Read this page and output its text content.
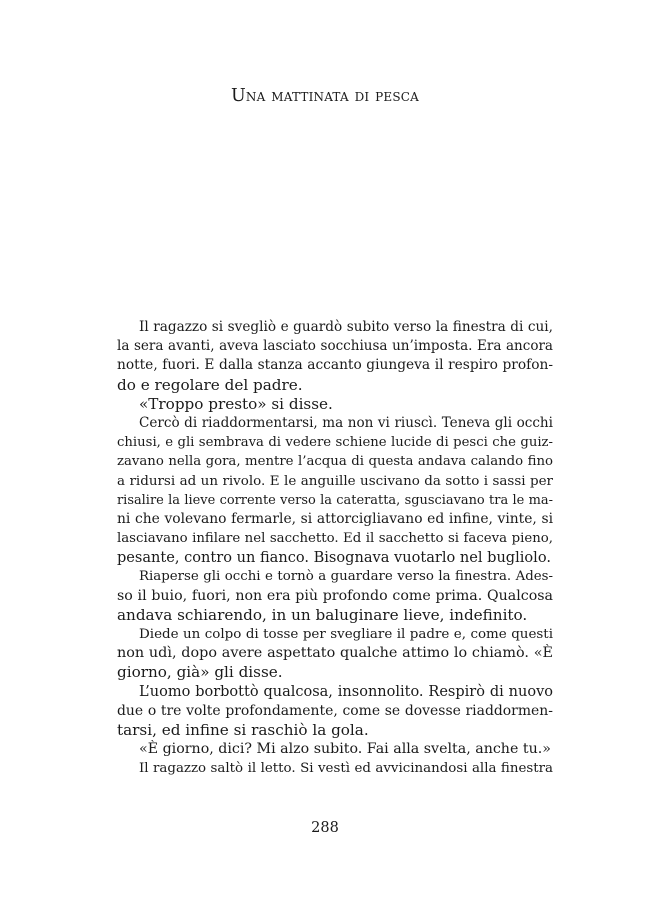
Una mattinata di pesca
Il ragazzo si svegliò e guardò subito verso la finestra di cui,
la sera avanti, aveva lasciato socchiusa un’imposta. Era ancora
notte, fuori. E dalla stanza accanto giungeva il respiro profon-
do e regolare del padre.
«Troppo presto» si disse.
Cercò di riaddormentarsi, ma non vi riuscì. Teneva gli occhi
chiusi, e gli sembrava di vedere schiene lucide di pesci che guiz-
zavano nella gora, mentre l’acqua di questa andava calando fino
a ridursi ad un rivolo. E le anguille uscivano da sotto i sassi per
risalire la lieve corrente verso la cateratta, sgusciavano tra le ma-
ni che volevano fermarle, si attorcigliavano ed infine, vinte, si
lasciavano infilare nel sacchetto. Ed il sacchetto si faceva pieno,
pesante, contro un fianco. Bisognava vuotarlo nel bugliolo.
Riaperse gli occhi e tornò a guardare verso la finestra. Ades-
so il buio, fuori, non era più profondo come prima. Qualcosa
andava schiarendo, in un baluginare lieve, indefinito.
Diede un colpo di tosse per svegliare il padre e, come questi
non udì, dopo avere aspettato qualche attimo lo chiamò. «È
giorno, già» gli disse.
L’uomo borbottò qualcosa, insonnolito. Respirò di nuovo
due o tre volte profondamente, come se dovesse riaddormen-
tarsi, ed infine si raschiò la gola.
«È giorno, dici? Mi alzo subito. Fai alla svelta, anche tu.»
Il ragazzo saltò il letto. Si vestì ed avvicinandosi alla finestra
288
